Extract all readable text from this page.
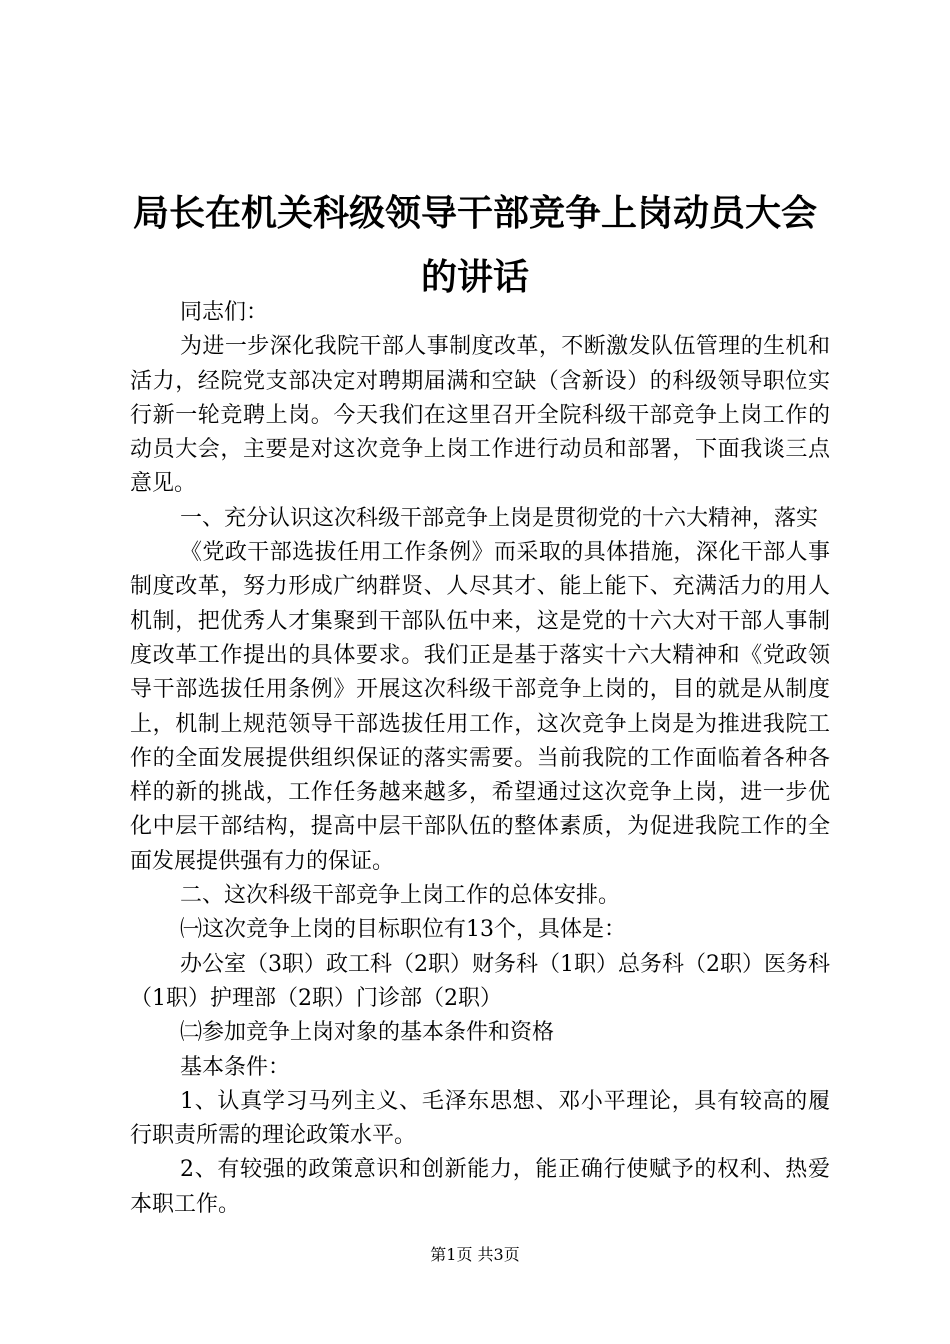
局长在机关科级领导干部竞争上岗动员大会的讲话

同志们：

为进一步深化我院干部人事制度改革，不断激发队伍管理的生机和活力，经院党支部决定对聘期届满和空缺（含新设）的科级领导职位实行新一轮竞聘上岗。今天我们在这里召开全院科级干部竞争上岗工作的动员大会，主要是对这次竞争上岗工作进行动员和部署，下面我谈三点意见。

一、充分认识这次科级干部竞争上岗是贯彻党的十六大精神，落实

《党政干部选拔任用工作条例》而采取的具体措施，深化干部人事制度改革，努力形成广纳群贤、人尽其才、能上能下、充满活力的用人机制，把优秀人才集聚到干部队伍中来，这是党的十六大对干部人事制度改革工作提出的具体要求。我们正是基于落实十六大精神和《党政领导干部选拔任用条例》开展这次科级干部竞争上岗的，目的就是从制度上，机制上规范领导干部选拔任用工作，这次竞争上岗是为推进我院工作的全面发展提供组织保证的落实需要。当前我院的工作面临着各种各样的新的挑战，工作任务越来越多，希望通过这次竞争上岗，进一步优化中层干部结构，提高中层干部队伍的整体素质，为促进我院工作的全面发展提供强有力的保证。

二、这次科级干部竞争上岗工作的总体安排。

㈠这次竞争上岗的目标职位有13个，具体是：

办公室（3职）政工科（2职）财务科（1职）总务科（2职）医务科（1职）护理部（2职）门诊部（2职）

㈡参加竞争上岗对象的基本条件和资格

基本条件：

1、认真学习马列主义、毛泽东思想、邓小平理论，具有较高的履行职责所需的理论政策水平。

2、有较强的政策意识和创新能力，能正确行使赋予的权利、热爱本职工作。

第1页 共3页
